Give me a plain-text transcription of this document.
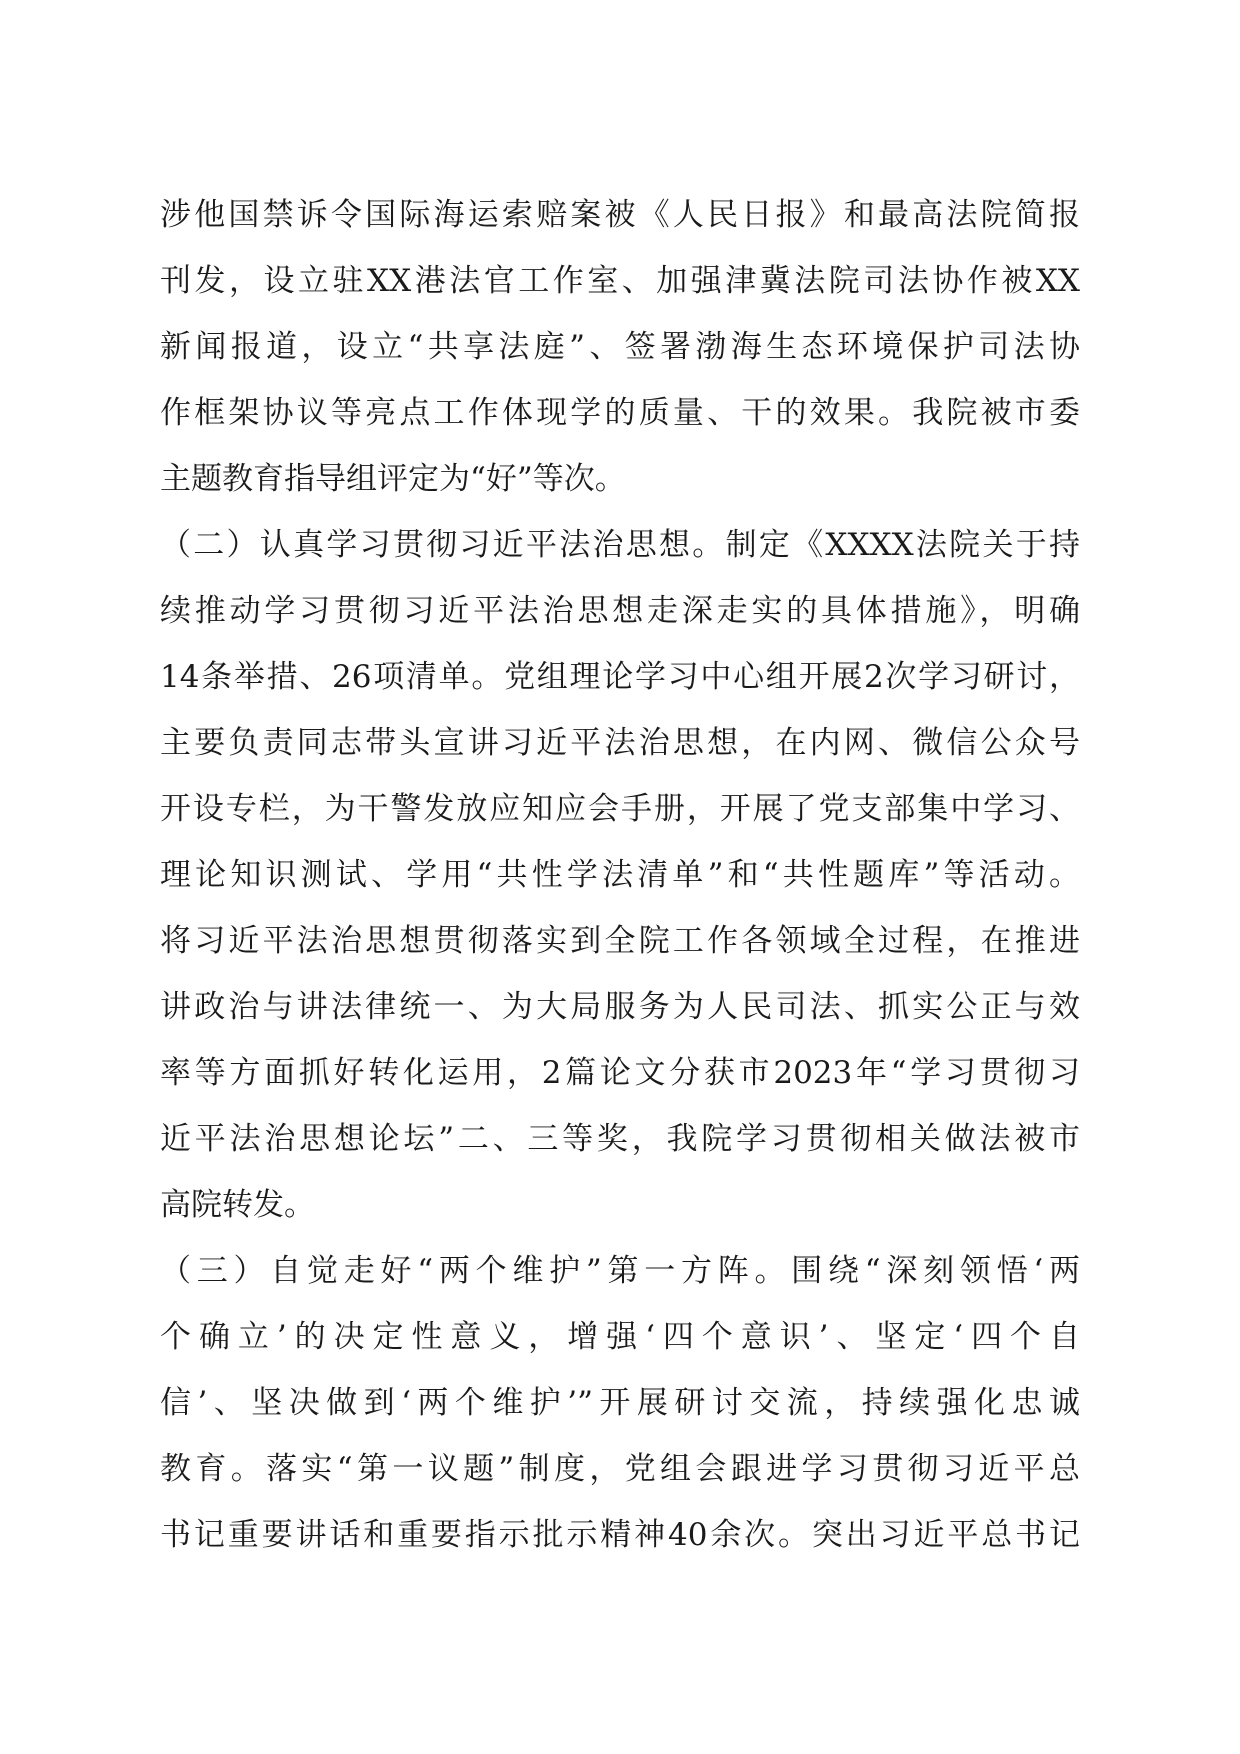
涉他国禁诉令国际海运索赔案被《人民日报》和最高法院简报
刊发，设立驻XX港法官工作室、加强津冀法院司法协作被XX
新闻报道，设立“共享法庭”、签署渤海生态环境保护司法协
作框架协议等亮点工作体现学的质量、干的效果。我院被市委
主题教育指导组评定为“好”等次。
（二）认真学习贯彻习近平法治思想。制定《XXXX法院关于持
续推动学习贯彻习近平法治思想走深走实的具体措施》，明确
14条举措、26项清单。党组理论学习中心组开展2次学习研讨，
主要负责同志带头宣讲习近平法治思想，在内网、微信公众号
开设专栏，为干警发放应知应会手册，开展了党支部集中学习、
理论知识测试、学用“共性学法清单”和“共性题库”等活动。
将习近平法治思想贯彻落实到全院工作各领域全过程，在推进
讲政治与讲法律统一、为大局服务为人民司法、抓实公正与效
率等方面抓好转化运用，2篇论文分获市2023年“学习贯彻习
近平法治思想论坛”二、三等奖，我院学习贯彻相关做法被市
高院转发。
（三）自觉走好“两个维护”第一方阵。围绕“深刻领悟‘两
个确立’的决定性意义，增强‘四个意识’、坚定‘四个自
信’、坚决做到‘两个维护’”开展研讨交流，持续强化忠诚
教育。落实“第一议题”制度，党组会跟进学习贯彻习近平总
书记重要讲话和重要指示批示精神40余次。突出习近平总书记
